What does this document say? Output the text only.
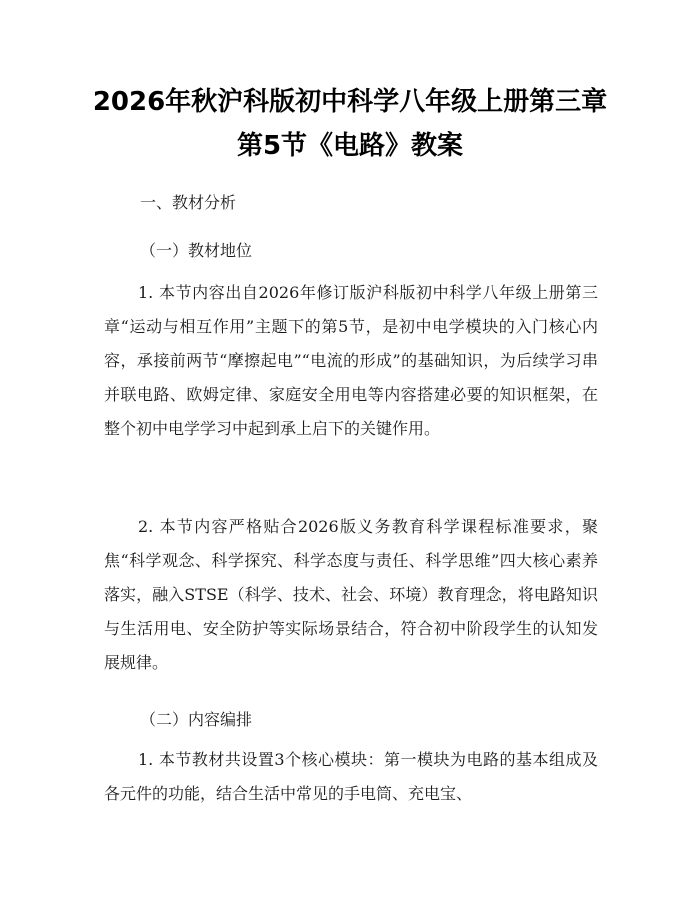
2026年秋沪科版初中科学八年级上册第三章
第5节《电路》教案
一、教材分析
（一）教材地位

1. 本节内容出自2026年修订版沪科版初中科学八年级上册第三章“运动与相互作用”主题下的第5节，是初中电学模块的入门核心内容，承接前两节“摩擦起电”“电流的形成”的基础知识，为后续学习串并联电路、欧姆定律、家庭安全用电等内容搭建必要的知识框架，在整个初中电学学习中起到承上启下的关键作用。

2. 本节内容严格贴合2026版义务教育科学课程标准要求，聚焦“科学观念、科学探究、科学态度与责任、科学思维”四大核心素养落实，融入STSE（科学、技术、社会、环境）教育理念，将电路知识与生活用电、安全防护等实际场景结合，符合初中阶段学生的认知发展规律。

（二）内容编排

1. 本节教材共设置3个核心模块：第一模块为电路的基本组成及各元件的功能，结合生活中常见的手电筒、充电宝、
